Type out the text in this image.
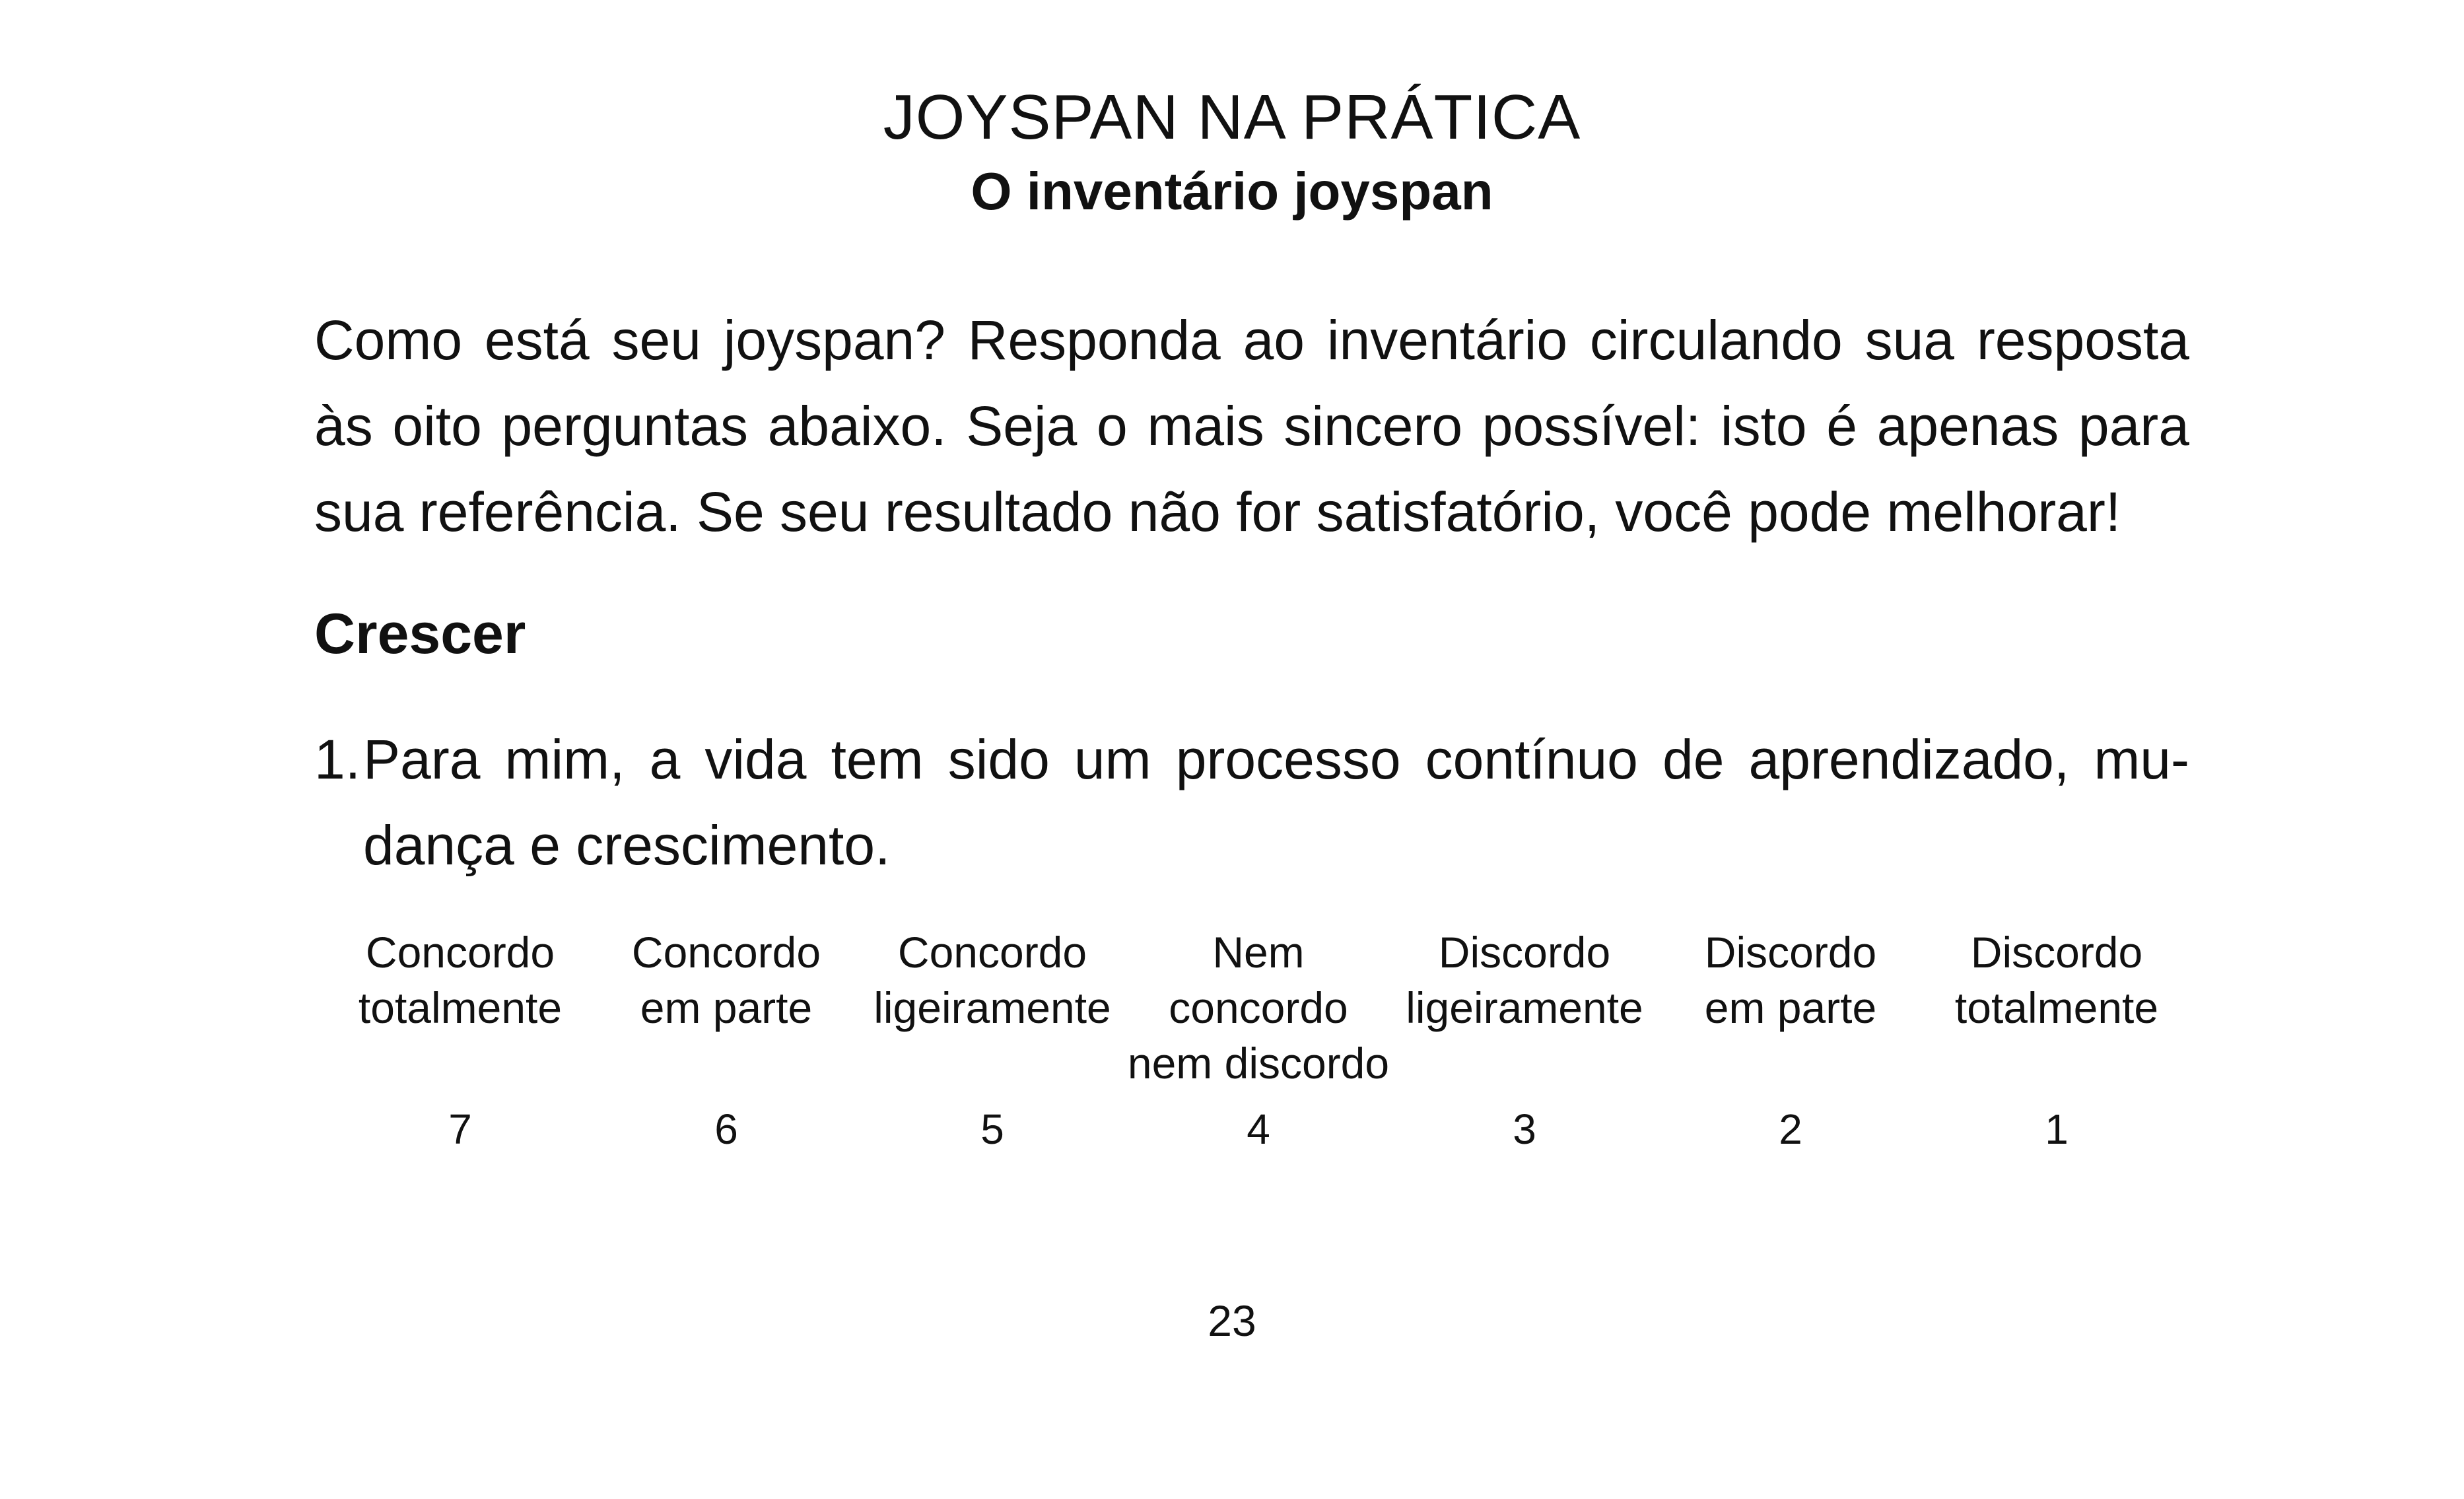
JOYSPAN NA PRÁTICA
O inventário joyspan

Como está seu joyspan? Responda ao inventário circulando sua resposta
às oito perguntas abaixo. Seja o mais sincero possível: isto é apenas para
sua referência. Se seu resultado não for satisfatório, você pode melhorar!

Crescer
1. Para mim, a vida tem sido um processo contínuo de aprendizado, mu-
dança e crescimento.
Concordo
totalmente
7
Concordo
em parte
6
Concordo
ligeiramente
5
Nem
concordo
nem discordo
4
Discordo
ligeiramente
3
Discordo
em parte
2
Discordo
totalmente
1
23
